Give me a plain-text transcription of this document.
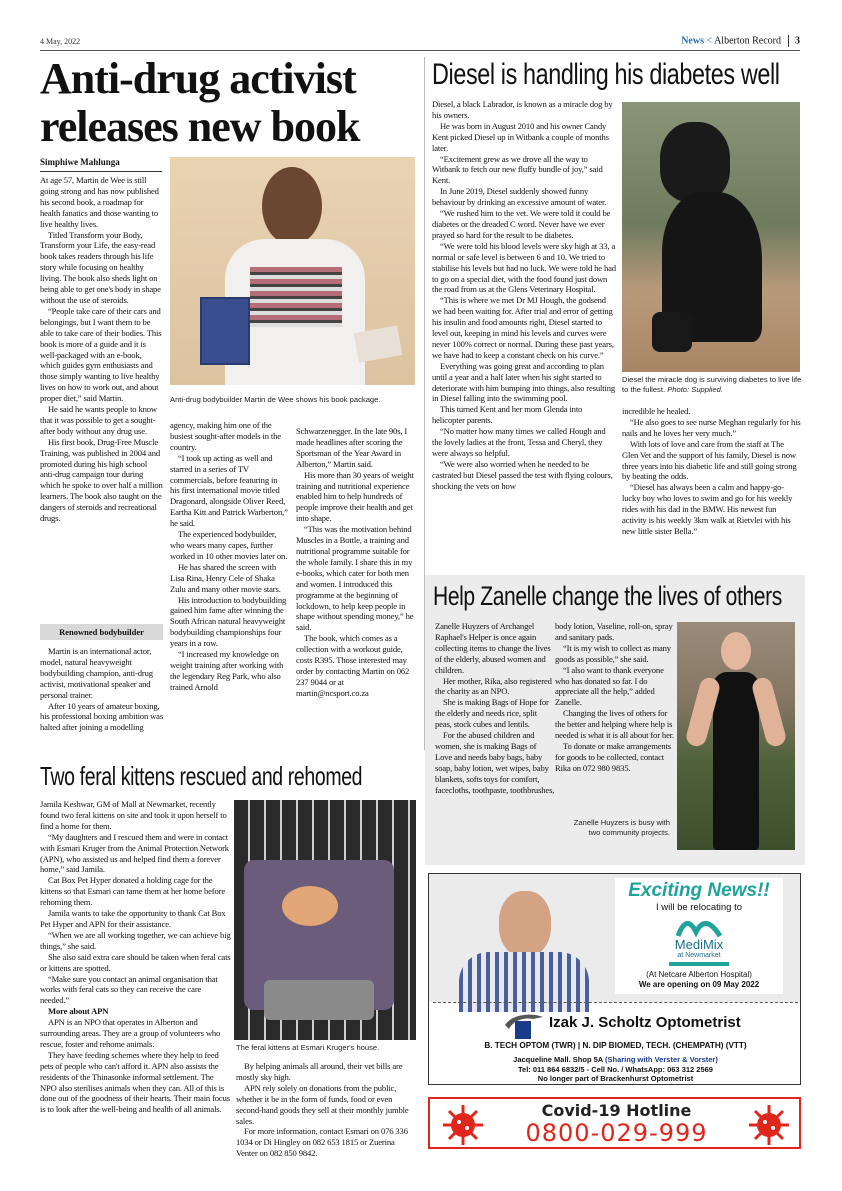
4 May, 2022	News < Alberton Record 3
Anti-drug activist
releases new book
Simphiwe Mahlunga

At age 57, Martin de Wee is still going strong and has now published his second book, a roadmap for health fanatics and those wanting to live healthy lives.

Titled Transform your Body, Transform your Life, the easy-read book takes readers through his life story while focusing on healthy living. The book also sheds light on being able to get one's body in shape without the use of steroids.

“People take care of their cars and belongings, but I want them to be able to take care of their bodies. This book is more of a guide and it is well-packaged with an e-book, which guides gym enthusiasts and those simply wanting to live healthy lives on how to work out, and about proper diet,” said Martin.

He said he wants people to know that it was possible to get a sought-after body without any drug use.

His first book, Drug-Free Muscle Training, was published in 2004 and promoted during his high school anti-drug campaign tour during which he spoke to over half a million learners. The book also taught on the dangers of steroids and recreational drugs.

Renowned bodybuilder

Martin is an international actor, model, natural heavyweight bodybuilding champion, anti-drug activist, motivational speaker and personal trainer.

After 10 years of amateur boxing, his professional boxing ambition was halted after joining a modelling

Anti-drug bodybuilder Martin de Wee shows his book package.

agency, making him one of the busiest sought-after models in the country.

“I took up acting as well and starred in a series of TV commercials, before featuring in his first international movie titled Dragonard, alongside Oliver Reed, Eartha Kitt and Patrick Warberton,” he said.

The experienced bodybuilder, who wears many capes, further worked in 10 other movies later on.

He has shared the screen with Lisa Rina, Henry Cele of Shaka Zulu and many other movie stars.

His introduction to bodybuilding gained him fame after winning the South African natural heavyweight bodybuilding championships four years in a row.

“I increased my knowledge on weight training after working with the legendary Reg Park, who also trained Arnold

Schwarzenegger. In the late 90s, I made headlines after scoring the Sportsman of the Year Award in Alberton,” Martin said.

His more than 30 years of weight training and nutritional experience enabled him to help hundreds of people improve their health and get into shape.

“This was the motivation behind Muscles in a Bottle, a training and nutritional programme suitable for the whole family. I share this in my e-books, which cater for both men and women. I introduced this programme at the beginning of lockdown, to help keep people in shape without spending money,” he said.

The book, which comes as a collection with a workout guide, costs R395. Those interested may order by contacting Martin on 062 237 9044 or at martin@ncsport.co.za

Diesel is handling his diabetes well

Diesel, a black Labrador, is known as a miracle dog by his owners.

He was born in August 2010 and his owner Candy Kent picked Diesel up in Witbank a couple of months later.

“Excitement grew as we drove all the way to Witbank to fetch our new fluffy bundle of joy,” said Kent.

In June 2019, Diesel suddenly showed funny behaviour by drinking an excessive amount of water.

“We rushed him to the vet. We were told it could be diabetes or the dreaded C word. Never have we ever prayed so hard for the result to be diabetes.

“We were told his blood levels were sky high at 33, a normal or safe level is between 6 and 10. We tried to stabilise his levels but had no luck. We were told he had to go on a special diet, with the food found just down the road from us at the Glens Veterinary Hospital.

“This is where we met Dr MJ Hough, the godsend we had been waiting for. After trial and error of getting his insulin and food amounts right, Diesel started to level out, keeping in mind his levels and curves were never 100% correct or normal. During these past years, we have had to keep a constant check on his curve.”

Everything was going great and according to plan until a year and a half later when his sight started to deteriorate with him bumping into things, also resulting in Diesel falling into the swimming pool.

This turned Kent and her mom Glenda into helicopter parents.

“No matter how many times we called Hough and the lovely ladies at the front, Tessa and Cheryl, they were always so helpful.

“We were also worried when he needed to be castrated but Diesel passed the test with flying colours, shocking the vets on how

Diesel the miracle dog is surviving diabetes to live life to the fullest. Photo: Supplied.

incredible he healed.

“He also goes to see nurse Meghan regularly for his nails and he loves her very much.”

With lots of love and care from the staff at The Glen Vet and the support of his family, Diesel is now three years into his diabetic life and still going strong by beating the odds.

“Diesel has always been a calm and happy-go-lucky boy who loves to swim and go for his weekly rides with his dad in the BMW. His newest fun activity is his weekly 3km walk at Rietvlei with his new little sister Bella.”

Help Zanelle change the lives of others

Zanelle Huyzers of Archangel Raphael's Helper is once again collecting items to change the lives of the elderly, abused women and children.

Her mother, Rika, also registered the charity as an NPO.

She is making Bags of Hope for the elderly and needs rice, split peas, stock cubes and lentils.

For the abused children and women, she is making Bags of Love and needs baby bags, baby soap, baby lotion, wet wipes, baby blankets, softs toys for comfort, facecloths, toothpaste, toothbrushes,

body lotion, Vaseline, roll-on, spray and sanitary pads.

“It is my wish to collect as many goods as possible,” she said.

“I also want to thank everyone who has donated so far. I do appreciate all the help,” added Zanelle.

Changing the lives of others for the better and helping where help is needed is what it is all about for her.

To donate or make arrangements for goods to be collected, contact Rika on 072 980 9835.

Zanelle Huyzers is busy with two community projects.
Two feral kittens rescued and rehomed

Jamila Keshwar, GM of Mall at Newmarket, recently found two feral kittens on site and took it upon herself to find a home for them.

“My daughters and I rescued them and were in contact with Esmari Kruger from the Animal Protection Network (APN), who assisted us and helped find them a forever home,” said Jamila.

Cat Box Pet Hyper donated a holding cage for the kittens so that Esmari can tame them at her home before rehoming them.

Jamila wants to take the opportunity to thank Cat Box Pet Hyper and APN for their assistance.

“When we are all working together, we can achieve big things,” she said.

She also said extra care should be taken when feral cats or kittens are spotted.

“Make sure you contact an animal organisation that works with feral cats so they can receive the care needed.”

More about APN

APN is an NPO that operates in Alberton and surrounding areas. They are a group of volunteers who rescue, foster and rehome animals.

They have feeding schemes where they help to feed pets of people who can't afford it. APN also assists the residents of the Thinasonke informal settlement. The NPO also sterilises animals when they can. All of this is done out of the goodness of their hearts. Their main focus is to look after the well-being and health of all animals.

The feral kittens at Esmari Kruger's house.

By helping animals all around, their vet bills are mostly sky high.

APN rely solely on donations from the public, whether it be in the form of funds, food or even second-hand goods they sell at their monthly jumble sales.

For more information, contact Esmari on 076 336 1034 or Di Hingley on 082 653 1815 or Zuerina Venter on 082 850 9842.

Exciting News!!
I will be relocating to
MediMix
at Newmarket
(At Netcare Alberton Hospital)
We are opening on 09 May 2022
Izak J. Scholtz Optometrist
B. TECH OPTOM (TWR) | N. DIP BIOMED, TECH. (CHEMPATH) (VTT)
Jacqueline Mall. Shop 5A (Sharing with Verster & Vorster)
Tel: 011 864 6832/5 - Cell No. / WhatsApp: 063 312 2569
No longer part of Brackenhurst Optometrist
Covid-19 Hotline
0800-029-999
